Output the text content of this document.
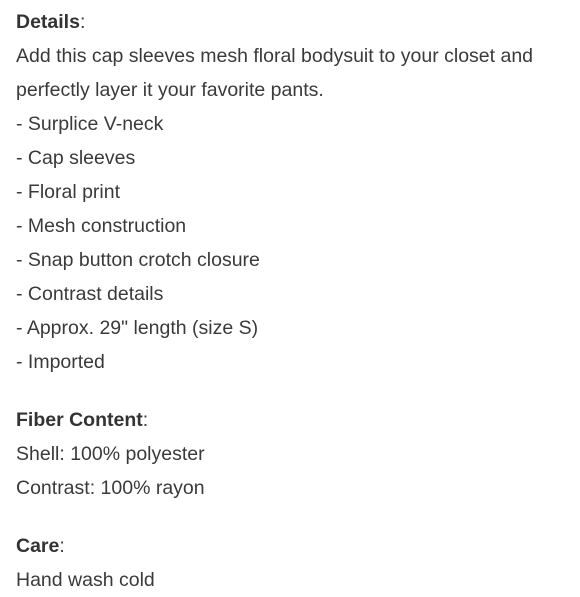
Details:
Add this cap sleeves mesh floral bodysuit to your closet and
perfectly layer it your favorite pants.
- Surplice V-neck
- Cap sleeves
- Floral print
- Mesh construction
- Snap button crotch closure
- Contrast details
- Approx. 29" length (size S)
- Imported
Fiber Content:
Shell: 100% polyester
Contrast: 100% rayon
Care:
Hand wash cold
